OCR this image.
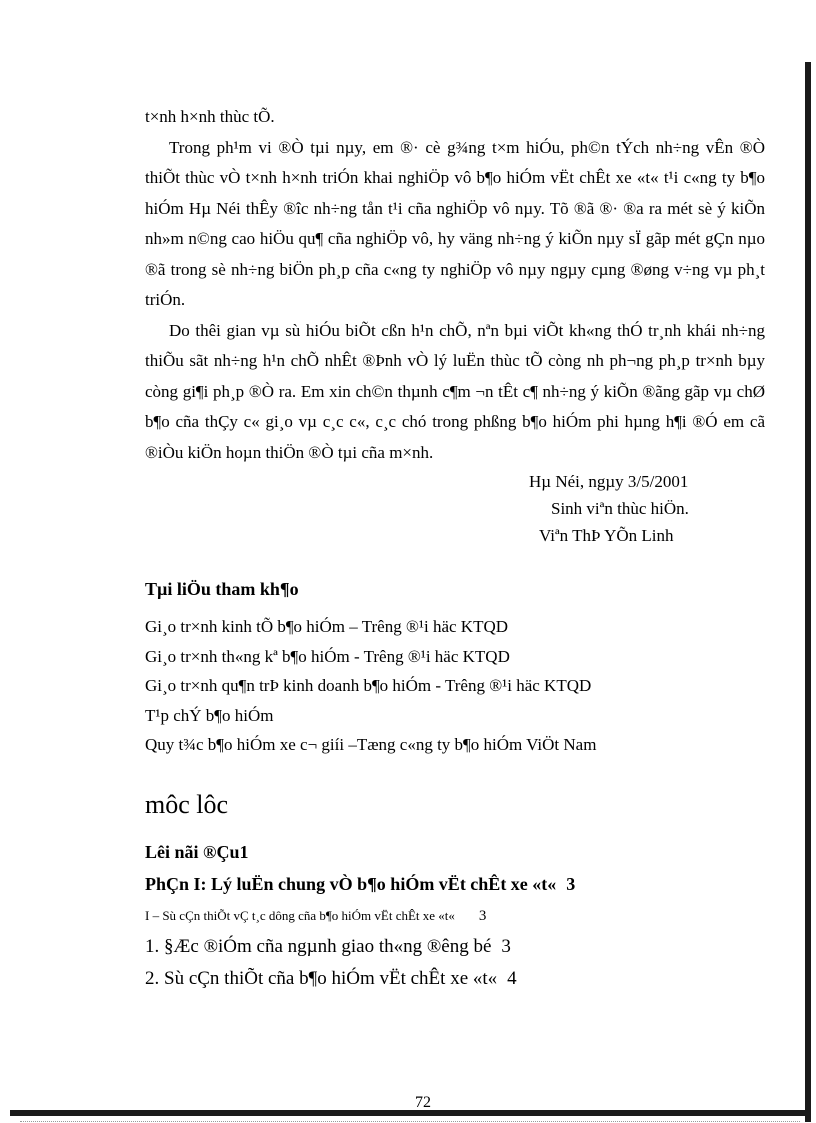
t×nh h×nh thùc tÕ.

Trong ph¹m vi ®Ò tµi nµy, em ®· cè g¾ng t×m hiÓu, ph©n tÝch nh÷ng vÊn ®Ò thiÕt thùc vÒ t×nh h×nh triÓn khai nghiÖp vô b¶o hiÓm vËt chÊt xe «t« t¹i c«ng ty b¶o hiÓm Hµ Néi thÊy ®îc nh÷ng tån t¹i cña nghiÖp vô nµy. Tõ ®ã ®· ®a ra mét sè ý kiÕn nh»m n©ng cao hiÖu qu¶ cña nghiÖp vô, hy väng nh÷ng ý kiÕn nµy sÏ gãp mét gÇn nµo ®ã trong sè nh÷ng biÖn ph¸p cña c«ng ty nghiÖp vô nµy ngµy cµng ®øng v÷ng vµ ph¸t triÓn.

Do thêi gian vµ sù hiÓu biÕt cßn h¹n chÕ, nªn bµi viÕt kh«ng thÓ tr¸nh khái nh÷ng thiÕu sãt nh÷ng h¹n chÕ nhÊt ®Þnh vÒ lý luËn thùc tÕ còng nh ph¬ng ph¸p tr×nh bµy còng gi¶i ph¸p ®Ò ra. Em xin ch©n thµnh c¶m ¬n tÊt c¶ nh÷ng ý kiÕn ®ãng gãp vµ chØ b¶o cña thÇy c« gi¸o vµ c¸c c«, c¸c chó trong phßng b¶o hiÓm phi hµng h¶i ®Ó em cã ®iÒu kiÖn hoµn thiÖn ®Ò tµi cña m×nh.

Hµ Néi, ngµy 3/5/2001

Sinh viªn thùc hiÖn.

Viªn ThÞ YÕn Linh

Tµi liÖu tham kh¶o
Gi¸o tr×nh kinh tÕ b¶o hiÓm – Trêng ®¹i häc KTQD
Gi¸o tr×nh th«ng kª b¶o hiÓm - Trêng ®¹i häc KTQD
Gi¸o tr×nh qu¶n trÞ kinh doanh b¶o hiÓm - Trêng ®¹i häc KTQD
T¹p chÝ b¶o hiÓm
Quy t¾c b¶o hiÓm xe c¬ giíi –Tæng c«ng ty b¶o hiÓm ViÖt Nam
môc lôc

Lêi nãi ®Çu1

PhÇn I: Lý luËn chung vÒ b¶o hiÓm vËt chÊt xe «t« 3

I – Sù cÇn thiÕt vÇ t¸c dông cña b¶o hiÓm vËt chÊt xe «t« 3

1. §Æc ®iÓm cña ngµnh giao th«ng ®êng bé 3

2. Sù cÇn thiÕt cña b¶o hiÓm vËt chÊt xe «t« 4

72
